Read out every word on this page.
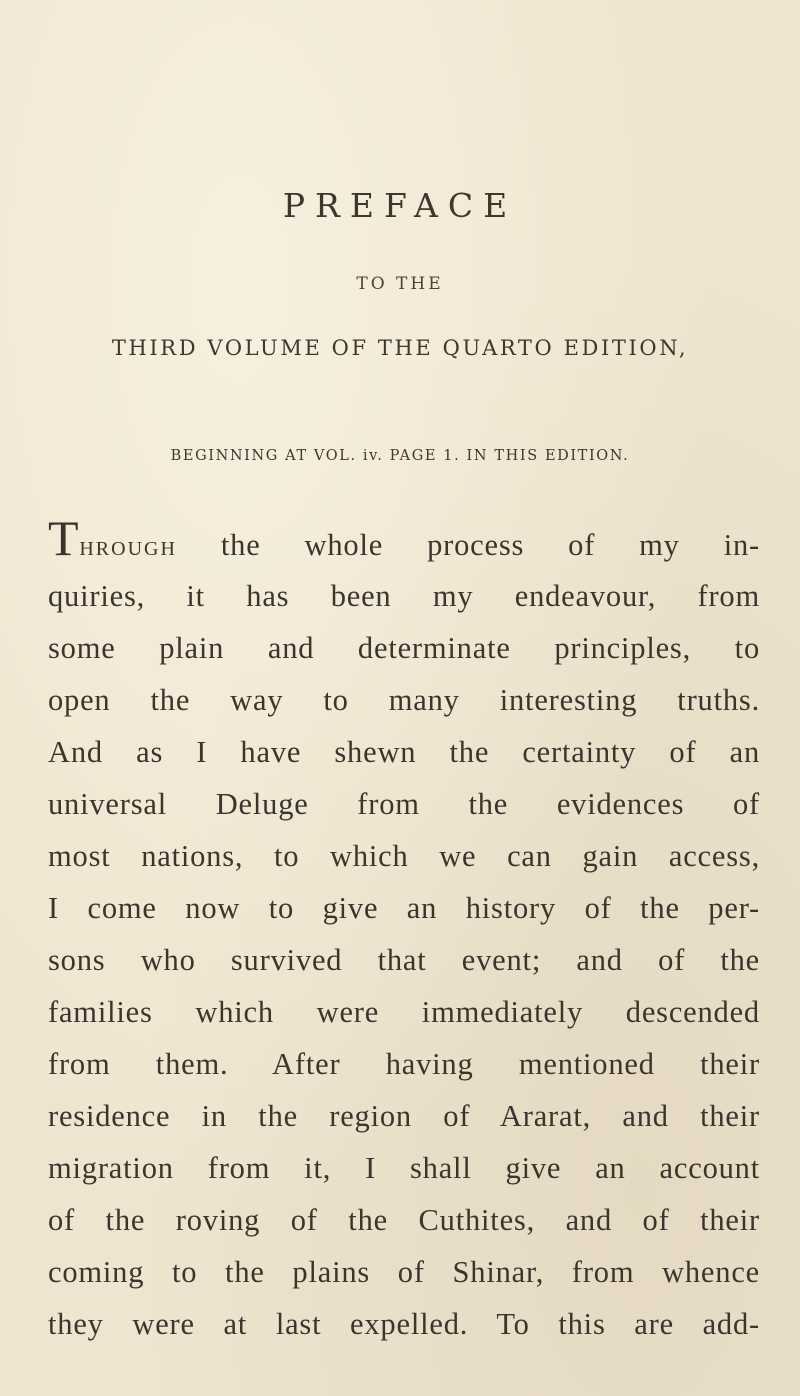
PREFACE
TO THE
THIRD VOLUME OF THE QUARTO EDITION,
BEGINNING AT VOL. iv. PAGE 1. IN THIS EDITION.
THROUGH the whole process of my in-
quiries, it has been my endeavour, from
some plain and determinate principles, to
open the way to many interesting truths.
And as I have shewn the certainty of an
universal Deluge from the evidences of
most nations, to which we can gain access,
I come now to give an history of the per-
sons who survived that event; and of the
families which were immediately descended
from them. After having mentioned their
residence in the region of Ararat, and their
migration from it, I shall give an account
of the roving of the Cuthites, and of their
coming to the plains of Shinar, from whence
they were at last expelled. To this are add-
